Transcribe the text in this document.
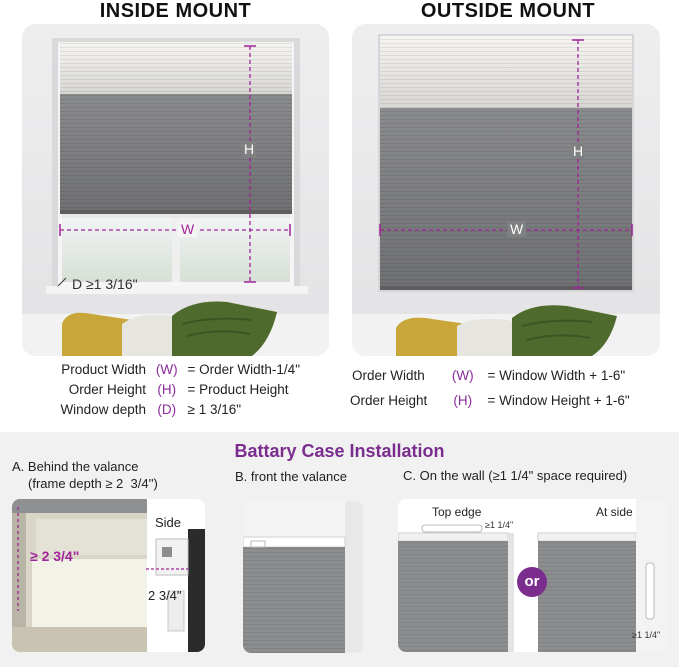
INSIDE MOUNT	OUTSIDE MOUNT
H
W
D ≥1 3/16"
H
W
Product Width (W) = Order Width-1/4"
Order Height (H) = Product Height
Window depth (D) ≥ 1 3/16"
Order Width (W) = Window Width + 1-6"
Order Height (H) = Window Height + 1-6"
Battary Case Installation
A. Behind the valance
(frame depth ≥ 2  3/4'')	B. front the valance	C. On the wall (≥1 1/4" space required)
≥ 2 3/4"
Side
2 3/4"
Top edge
≥1 1/4"
At side
≥1 1/4"
or
